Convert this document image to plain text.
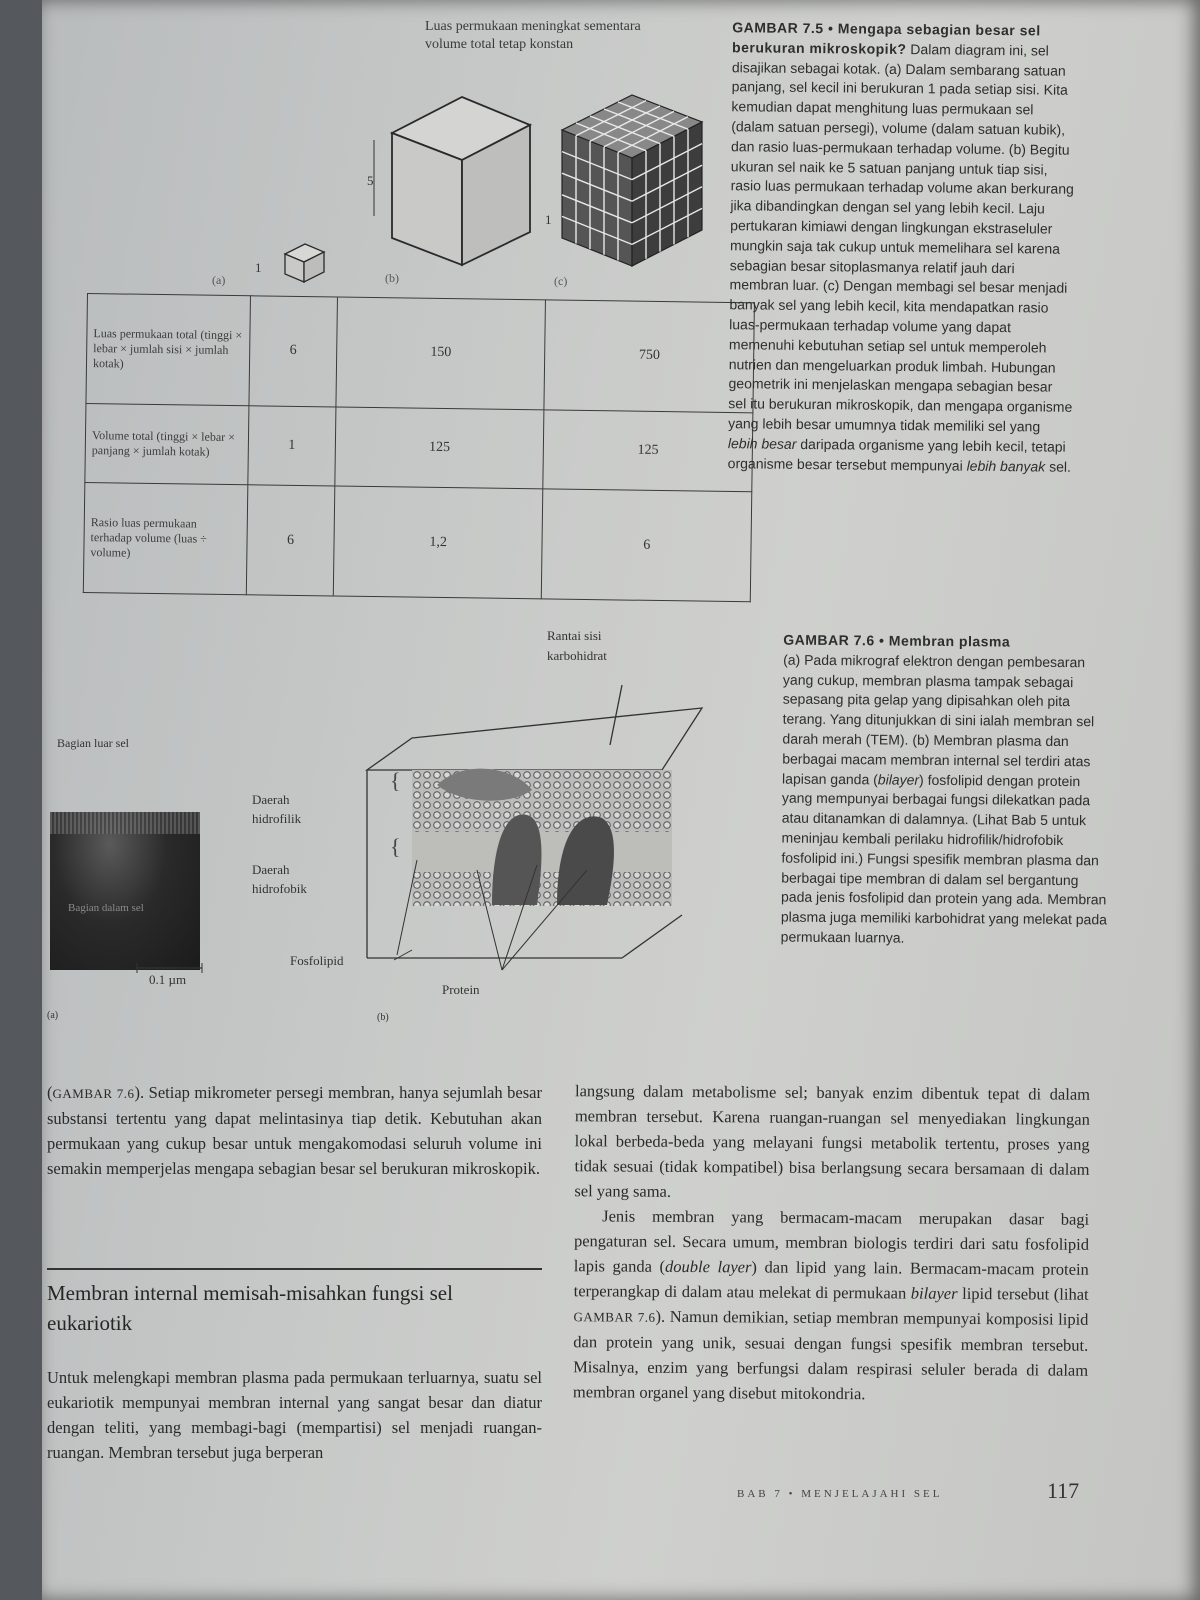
Luas permukaan meningkat sementara
volume total tetap konstan
5
1
1
(a)	(b)	(c)
Luas permukaan total (tinggi × lebar × jumlah sisi × jumlah kotak)	6	150	750
Volume total (tinggi × lebar × panjang × jumlah kotak)	1	125	125
Rasio luas permukaan terhadap volume (luas ÷ volume)	6	1,2	6
GAMBAR 7.5 • Mengapa sebagian besar sel berukuran mikroskopik? Dalam diagram ini, sel disajikan sebagai kotak. (a) Dalam sembarang satuan panjang, sel kecil ini berukuran 1 pada setiap sisi. Kita kemudian dapat menghitung luas permukaan sel (dalam satuan persegi), volume (dalam satuan kubik), dan rasio luas-permukaan terhadap volume. (b) Begitu ukuran sel naik ke 5 satuan panjang untuk tiap sisi, rasio luas permukaan terhadap volume akan berkurang jika dibandingkan dengan sel yang lebih kecil. Laju pertukaran kimiawi dengan lingkungan ekstraseluler mungkin saja tak cukup untuk memelihara sel karena sebagian besar sitoplasmanya relatif jauh dari membran luar. (c) Dengan membagi sel besar menjadi banyak sel yang lebih kecil, kita mendapatkan rasio luas-permukaan terhadap volume yang dapat memenuhi kebutuhan setiap sel untuk memperoleh nutrien dan mengeluarkan produk limbah. Hubungan geometrik ini menjelaskan mengapa sebagian besar sel itu berukuran mikroskopik, dan mengapa organisme yang lebih besar umumnya tidak memiliki sel yang lebih besar daripada organisme yang lebih kecil, tetapi organisme besar tersebut mempunyai lebih banyak sel.
Bagian luar sel
Bagian dalam sel
0.1 µm
(a)	(b)
{
{
Rantai sisi
karbohidrat
Daerah
hidrofilik
Daerah
hidrofobik
Fosfolipid
Protein
GAMBAR 7.6 • Membran plasma
(a) Pada mikrograf elektron dengan pembesaran yang cukup, membran plasma tampak sebagai sepasang pita gelap yang dipisahkan oleh pita terang. Yang ditunjukkan di sini ialah membran sel darah merah (TEM). (b) Membran plasma dan berbagai macam membran internal sel terdiri atas lapisan ganda (bilayer) fosfolipid dengan protein yang mempunyai berbagai fungsi dilekatkan pada atau ditanamkan di dalamnya. (Lihat Bab 5 untuk meninjau kembali perilaku hidrofilik/hidrofobik fosfolipid ini.) Fungsi spesifik membran plasma dan berbagai tipe membran di dalam sel bergantung pada jenis fosfolipid dan protein yang ada. Membran plasma juga memiliki karbohidrat yang melekat pada permukaan luarnya.

(GAMBAR 7.6). Setiap mikrometer persegi membran, hanya sejumlah besar substansi tertentu yang dapat melintasinya tiap detik. Kebutuhan akan permukaan yang cukup besar untuk mengakomodasi seluruh volume ini semakin memperjelas mengapa sebagian besar sel berukuran mikroskopik.

Membran internal memisah-misahkan fungsi sel eukariotik

Untuk melengkapi membran plasma pada permukaan terluarnya, suatu sel eukariotik mempunyai membran internal yang sangat besar dan diatur dengan teliti, yang membagi-bagi (mempartisi) sel menjadi ruangan-ruangan. Membran tersebut juga berperan

langsung dalam metabolisme sel; banyak enzim dibentuk tepat di dalam membran tersebut. Karena ruangan-ruangan sel menyediakan lingkungan lokal berbeda-beda yang melayani fungsi metabolik tertentu, proses yang tidak sesuai (tidak kompatibel) bisa berlangsung secara bersamaan di dalam sel yang sama.

Jenis membran yang bermacam-macam merupakan dasar bagi pengaturan sel. Secara umum, membran biologis terdiri dari satu fosfolipid lapis ganda (double layer) dan lipid yang lain. Bermacam-macam protein terperangkap di dalam atau melekat di permukaan bilayer lipid tersebut (lihat GAMBAR 7.6). Namun demikian, setiap membran mempunyai komposisi lipid dan protein yang unik, sesuai dengan fungsi spesifik membran tersebut. Misalnya, enzim yang berfungsi dalam respirasi seluler berada di dalam membran organel yang disebut mitokondria.

BAB 7 • MENJELAJAHI SEL	117
